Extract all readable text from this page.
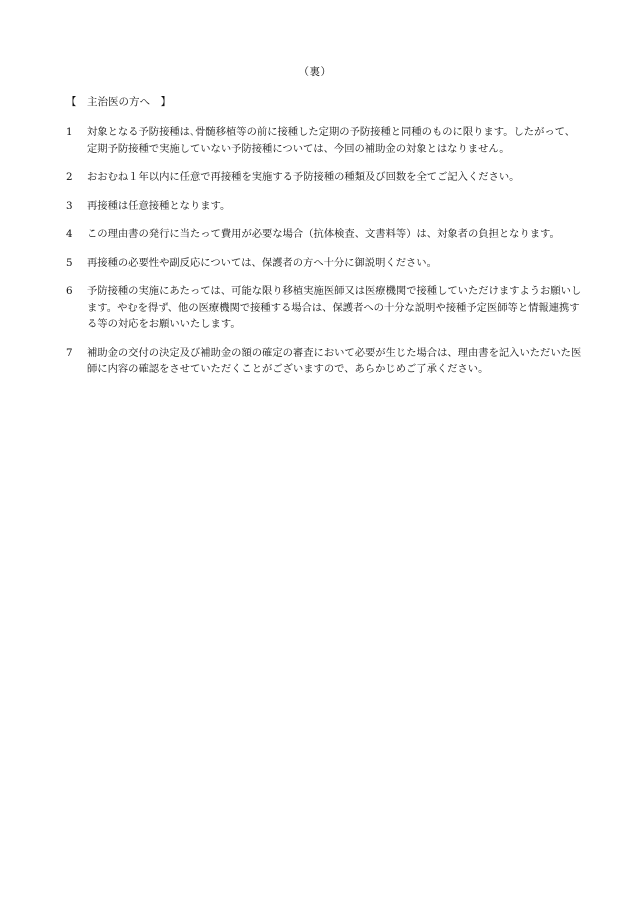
（裏）
【　主治医の方へ　】
1	対象となる予防接種は､骨髄移植等の前に接種した定期の予防接種と同種のものに限ります。したがって、定期予防接種で実施していない予防接種については、今回の補助金の対象とはなりません。
2	おおむね１年以内に任意で再接種を実施する予防接種の種類及び回数を全てご記入ください。
3	再接種は任意接種となります。
4	この理由書の発行に当たって費用が必要な場合（抗体検査、文書料等）は、対象者の負担となります。
5	再接種の必要性や副反応については、保護者の方へ十分に御説明ください。
6	予防接種の実施にあたっては、可能な限り移植実施医師又は医療機関で接種していただけますようお願いします。やむを得ず、他の医療機関で接種する場合は、保護者への十分な説明や接種予定医師等と情報連携する等の対応をお願いいたします。
7	補助金の交付の決定及び補助金の額の確定の審査において必要が生じた場合は、理由書を記入いただいた医師に内容の確認をさせていただくことがございますので、あらかじめご了承ください。
